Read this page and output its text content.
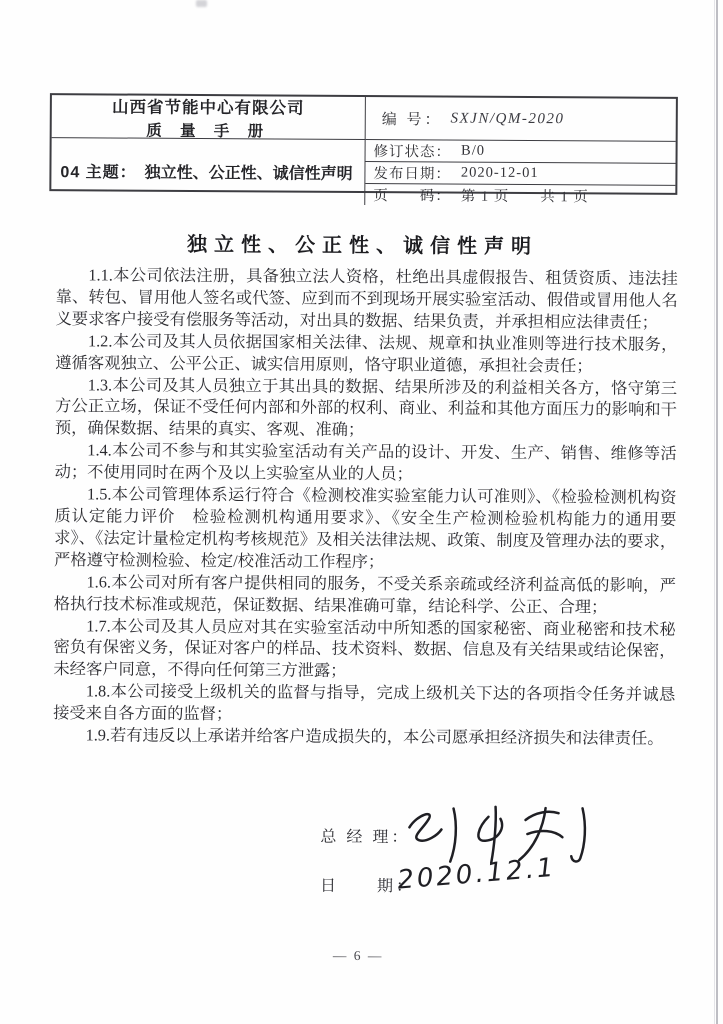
山西省节能中心有限公司
质 量 手 册
04 主题： 独立性、公正性、诚信性声明
编 号： SXJN/QM-2020
修订状态： B/0
发布日期： 2020-12-01
页　　码： 第 1 页　　共 1 页
独立性、公正性、诚信性声明

1.1.本公司依法注册，具备独立法人资格，杜绝出具虚假报告、租赁资质、违法挂靠、转包、冒用他人签名或代签、应到而不到现场开展实验室活动、假借或冒用他人名义要求客户接受有偿服务等活动，对出具的数据、结果负责，并承担相应法律责任；

1.2.本公司及其人员依据国家相关法律、法规、规章和执业准则等进行技术服务，遵循客观独立、公平公正、诚实信用原则，恪守职业道德，承担社会责任；

1.3.本公司及其人员独立于其出具的数据、结果所涉及的利益相关各方，恪守第三方公正立场，保证不受任何内部和外部的权利、商业、利益和其他方面压力的影响和干预，确保数据、结果的真实、客观、准确；

1.4.本公司不参与和其实验室活动有关产品的设计、开发、生产、销售、维修等活动；不使用同时在两个及以上实验室从业的人员；

1.5.本公司管理体系运行符合《检测校准实验室能力认可准则》、《检验检测机构资质认定能力评价　检验检测机构通用要求》、《安全生产检测检验机构能力的通用要求》、《法定计量检定机构考核规范》及相关法律法规、政策、制度及管理办法的要求，严格遵守检测检验、检定/校准活动工作程序；

1.6.本公司对所有客户提供相同的服务，不受关系亲疏或经济利益高低的影响，严格执行技术标准或规范，保证数据、结果准确可靠，结论科学、公正、合理；

1.7.本公司及其人员应对其在实验室活动中所知悉的国家秘密、商业秘密和技术秘密负有保密义务，保证对客户的样品、技术资料、数据、信息及有关结果或结论保密，未经客户同意，不得向任何第三方泄露；

1.8.本公司接受上级机关的监督与指导，完成上级机关下达的各项指令任务并诚恳接受来自各方面的监督；

1.9.若有违反以上承诺并给客户造成损失的，本公司愿承担经济损失和法律责任。

总 经 理：
日　　期：
2020.12.1
— 6 —
